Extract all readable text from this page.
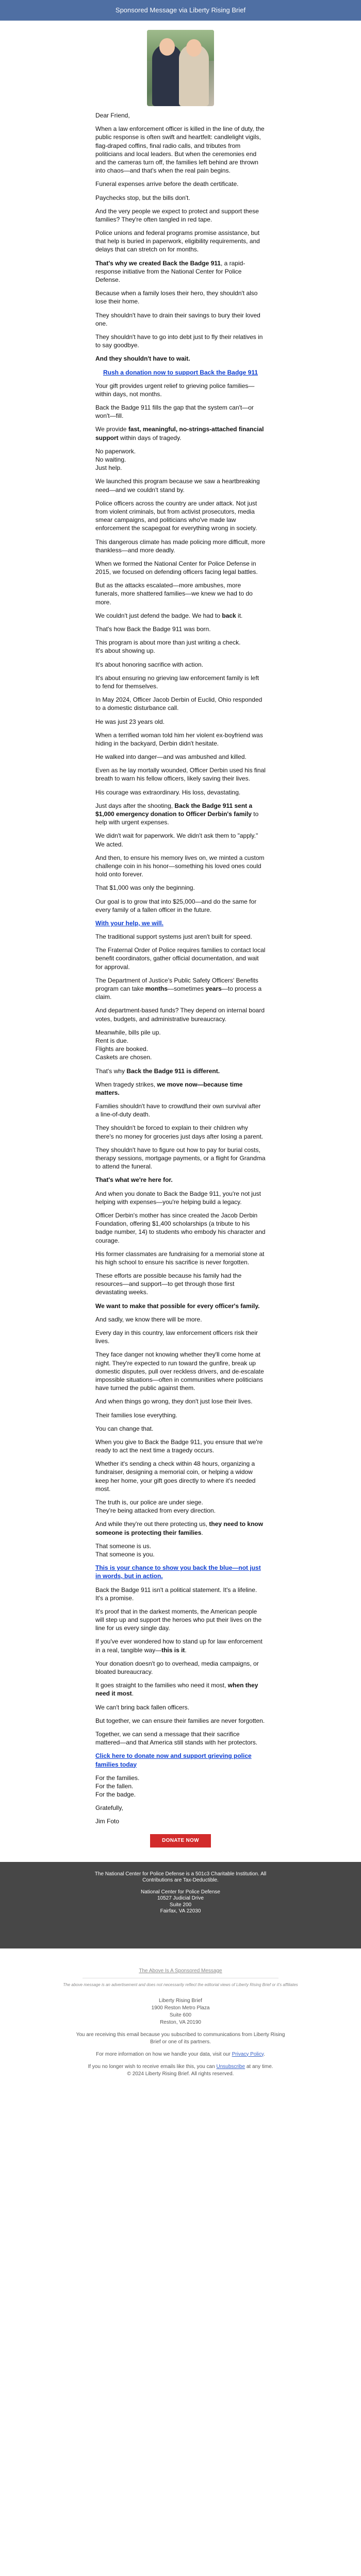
Sponsored Message via Liberty Rising Brief

Dear Friend,

When a law enforcement officer is killed in the line of duty, the public response is often swift and heartfelt: candlelight vigils, flag-draped coffins, final radio calls, and tributes from politicians and local leaders. But when the ceremonies end and the cameras turn off, the families left behind are thrown into chaos—and that's when the real pain begins.

Funeral expenses arrive before the death certificate.

Paychecks stop, but the bills don't.

And the very people we expect to protect and support these families? They're often tangled in red tape.

Police unions and federal programs promise assistance, but that help is buried in paperwork, eligibility requirements, and delays that can stretch on for months.

That's why we created Back the Badge 911, a rapid-response initiative from the National Center for Police Defense.

Because when a family loses their hero, they shouldn't also lose their home.

They shouldn't have to drain their savings to bury their loved one.

They shouldn't have to go into debt just to fly their relatives in to say goodbye.

And they shouldn't have to wait.

Rush a donation now to support Back the Badge 911

Your gift provides urgent relief to grieving police families—within days, not months.

Back the Badge 911 fills the gap that the system can't—or won't—fill.

We provide fast, meaningful, no-strings-attached financial support within days of tragedy.

No paperwork.
No waiting.
Just help.

We launched this program because we saw a heartbreaking need—and we couldn't stand by.

Police officers across the country are under attack. Not just from violent criminals, but from activist prosecutors, media smear campaigns, and politicians who've made law enforcement the scapegoat for everything wrong in society.

This dangerous climate has made policing more difficult, more thankless—and more deadly.

When we formed the National Center for Police Defense in 2015, we focused on defending officers facing legal battles.

But as the attacks escalated—more ambushes, more funerals, more shattered families—we knew we had to do more.

We couldn't just defend the badge. We had to back it.

That's how Back the Badge 911 was born.

This program is about more than just writing a check.
It's about showing up.

It's about honoring sacrifice with action.

It's about ensuring no grieving law enforcement family is left to fend for themselves.

In May 2024, Officer Jacob Derbin of Euclid, Ohio responded to a domestic disturbance call.

He was just 23 years old.

When a terrified woman told him her violent ex-boyfriend was hiding in the backyard, Derbin didn't hesitate.

He walked into danger—and was ambushed and killed.

Even as he lay mortally wounded, Officer Derbin used his final breath to warn his fellow officers, likely saving their lives.

His courage was extraordinary. His loss, devastating.

Just days after the shooting, Back the Badge 911 sent a $1,000 emergency donation to Officer Derbin's family to help with urgent expenses.

We didn't wait for paperwork. We didn't ask them to "apply." We acted.

And then, to ensure his memory lives on, we minted a custom challenge coin in his honor—something his loved ones could hold onto forever.

That $1,000 was only the beginning.

Our goal is to grow that into $25,000—and do the same for every family of a fallen officer in the future.

With your help, we will.

The traditional support systems just aren't built for speed.

The Fraternal Order of Police requires families to contact local benefit coordinators, gather official documentation, and wait for approval.

The Department of Justice's Public Safety Officers' Benefits program can take months—sometimes years—to process a claim.

And department-based funds? They depend on internal board votes, budgets, and administrative bureaucracy.

Meanwhile, bills pile up.
Rent is due.
Flights are booked.
Caskets are chosen.

That's why Back the Badge 911 is different.

When tragedy strikes, we move now—because time matters.

Families shouldn't have to crowdfund their own survival after a line-of-duty death.

They shouldn't be forced to explain to their children why there's no money for groceries just days after losing a parent.

They shouldn't have to figure out how to pay for burial costs, therapy sessions, mortgage payments, or a flight for Grandma to attend the funeral.

That's what we're here for.

And when you donate to Back the Badge 911, you're not just helping with expenses—you're helping build a legacy.

Officer Derbin's mother has since created the Jacob Derbin Foundation, offering $1,400 scholarships (a tribute to his badge number, 14) to students who embody his character and courage.

His former classmates are fundraising for a memorial stone at his high school to ensure his sacrifice is never forgotten.

These efforts are possible because his family had the resources—and support—to get through those first devastating weeks.

We want to make that possible for every officer's family.

And sadly, we know there will be more.

Every day in this country, law enforcement officers risk their lives.

They face danger not knowing whether they'll come home at night. They're expected to run toward the gunfire, break up domestic disputes, pull over reckless drivers, and de-escalate impossible situations—often in communities where politicians have turned the public against them.

And when things go wrong, they don't just lose their lives.

Their families lose everything.

You can change that.

When you give to Back the Badge 911, you ensure that we're ready to act the next time a tragedy occurs.

Whether it's sending a check within 48 hours, organizing a fundraiser, designing a memorial coin, or helping a widow keep her home, your gift goes directly to where it's needed most.

The truth is, our police are under siege.
They're being attacked from every direction.

And while they're out there protecting us, they need to know someone is protecting their families.

That someone is us.
That someone is you.

This is your chance to show you back the blue—not just in words, but in action.

Back the Badge 911 isn't a political statement. It's a lifeline. It's a promise.

It's proof that in the darkest moments, the American people will step up and support the heroes who put their lives on the line for us every single day.

If you've ever wondered how to stand up for law enforcement in a real, tangible way—this is it.

Your donation doesn't go to overhead, media campaigns, or bloated bureaucracy.

It goes straight to the families who need it most, when they need it most.

We can't bring back fallen officers.

But together, we can ensure their families are never forgotten.

Together, we can send a message that their sacrifice mattered—and that America still stands with her protectors.

Click here to donate now and support grieving police families today

For the families.
For the fallen.
For the badge.

Gratefully,

Jim Foto

DONATE NOW
The National Center for Police Defense is a 501c3 Charitable Institution. All
Contributions are Tax-Deductible.
National Center for Police Defense
10527 Judicial Drive
Suite 200
Fairfax, VA 22030
The Above Is A Sponsored Message
The above message is an advertisement and does not necessarily reflect the editorial views of Liberty Rising Brief or it's affiliates
Liberty Rising Brief
1900 Reston Metro Plaza
Suite 600
Reston, VA 20190
You are receiving this email because you subscribed to communications from Liberty Rising Brief or one of its partners.
For more information on how we handle your data, visit our Privacy Policy.
If you no longer wish to receive emails like this, you can Unsubscribe at any time.
© 2024 Liberty Rising Brief. All rights reserved.
